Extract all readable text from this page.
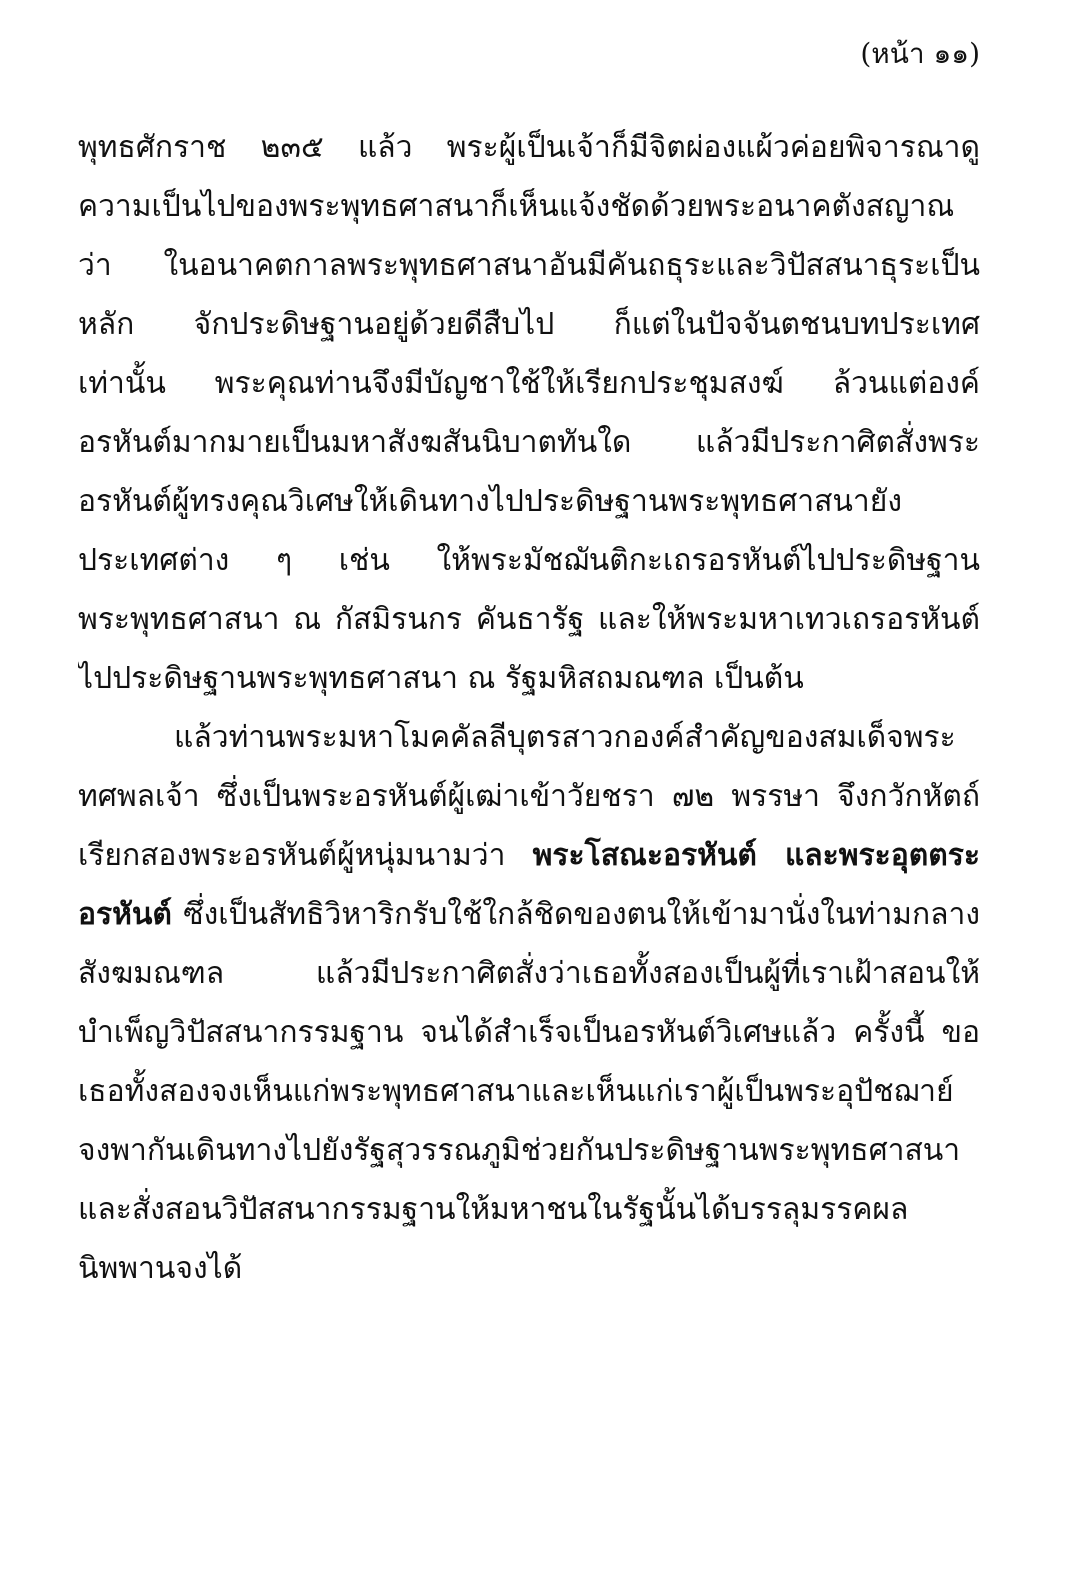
(หน้า ๑๑)
พุทธศักราช ๒๓๕ แล้ว พระผู้เป็นเจ้าก็มีจิตผ่องแผ้วค่อยพิจารณาดู
ความเป็นไปของพระพุทธศาสนาก็เห็นแจ้งชัดด้วยพระอนาคตังสญาณ
ว่า ในอนาคตกาลพระพุทธศาสนาอันมีคันถธุระและวิปัสสนาธุระเป็น
หลัก จักประดิษฐานอยู่ด้วยดีสืบไป ก็แต่ในปัจจันตชนบทประเทศ
เท่านั้น พระคุณท่านจึงมีบัญชาใช้ให้เรียกประชุมสงฆ์ ล้วนแต่องค์
อรหันต์มากมายเป็นมหาสังฆสันนิบาตทันใด แล้วมีประกาศิตสั่งพระ
อรหันต์ผู้ทรงคุณวิเศษให้เดินทางไปประดิษฐานพระพุทธศาสนายัง
ประเทศต่าง ๆ เช่น ให้พระมัชฌันติกะเถรอรหันต์ไปประดิษฐาน
พระพุทธศาสนา ณ กัสมิรนกร คันธารัฐ และให้พระมหาเทวเถรอรหันต์
ไปประดิษฐานพระพุทธศาสนา ณ รัฐมหิสถมณฑล เป็นต้น
แล้วท่านพระมหาโมคคัลลีบุตรสาวกองค์สำคัญของสมเด็จพระ
ทศพลเจ้า ซึ่งเป็นพระอรหันต์ผู้เฒ่าเข้าวัยชรา ๗๒ พรรษา จึงกวักหัตถ์
เรียกสองพระอรหันต์ผู้หนุ่มนามว่า พระโสณะอรหันต์ และพระอุตตระ
อรหันต์ ซึ่งเป็นสัทธิวิหาริกรับใช้ใกล้ชิดของตนให้เข้ามานั่งในท่ามกลาง
สังฆมณฑล แล้วมีประกาศิตสั่งว่าเธอทั้งสองเป็นผู้ที่เราเฝ้าสอนให้
บำเพ็ญวิปัสสนากรรมฐาน จนได้สำเร็จเป็นอรหันต์วิเศษแล้ว ครั้งนี้ ขอ
เธอทั้งสองจงเห็นแก่พระพุทธศาสนาและเห็นแก่เราผู้เป็นพระอุปัชฌาย์
จงพากันเดินทางไปยังรัฐสุวรรณภูมิช่วยกันประดิษฐานพระพุทธศาสนา
และสั่งสอนวิปัสสนากรรมฐานให้มหาชนในรัฐนั้นได้บรรลุมรรคผล
นิพพานจงได้
